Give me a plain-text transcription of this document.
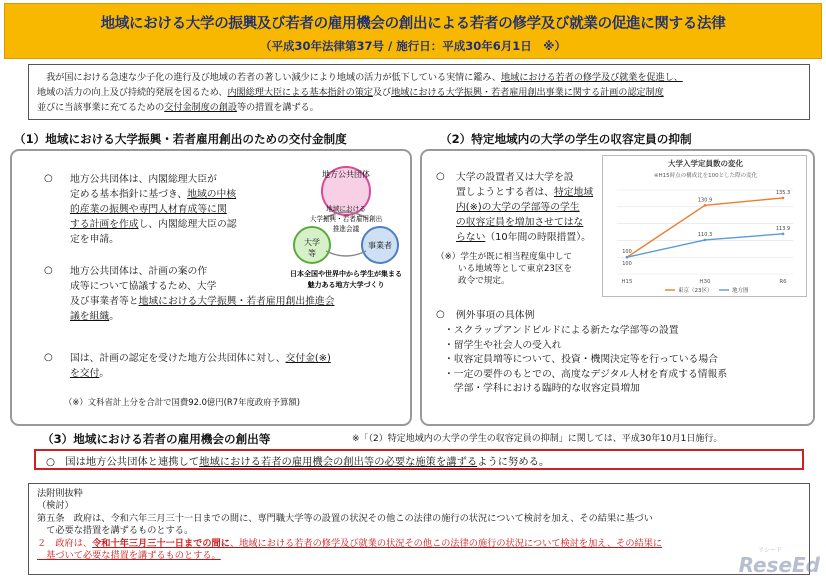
地域における大学の振興及び若者の雇用機会の創出による若者の修学及び就業の促進に関する法律
（平成30年法律第37号 / 施行日：平成30年6月1日　※）
　我が国における急速な少子化の進行及び地域の若者の著しい減少により地域の活力が低下している実情に鑑み、地域における若者の修学及び就業を促進し、
地域の活力の向上及び持続的発展を図るため、内閣総理大臣による基本指針の策定及び地域における大学振興・若者雇用創出事業に関する計画の認定制度
並びに当該事業に充てるための交付金制度の創設等の措置を講ずる。
（1）地域における大学振興・若者雇用創出のための交付金制度	（2）特定地域内の大学の学生の収容定員の抑制
○ 地方公共団体は、内閣総理大臣が
定める基本指針に基づき、地域の中核
的産業の振興や専門人材育成等に関
する計画を作成し、内閣総理大臣の認
定を申請。
○ 地方公共団体は、計画の案の作
成等について協議するため、大学
及び事業者等と地域における大学振興・若者雇用創出推進会
議を組織。
○ 国は、計画の認定を受けた地方公共団体に対し、交付金(※)
を交付。
（※）文科省計上分を合計で国費92.0億円(R7年度政府予算額)
地方公共団体
地域における
大学振興・若者雇用創出
推進会議
大学
等
事業者
日本全国や世界中から学生が集まる
魅力ある地方大学づくり
○ 大学の設置者又は大学を設
置しようとする者は、特定地域
内(※)の大学の学部等の学生
の収容定員を増加させてはな
らない（10年間の時限措置）。
（※）学生が既に相当程度集中して
いる地域等として東京23区を
政令で規定。
○ 例外事項の具体例
・スクラップアンドビルドによる新たな学部等の設置
・留学生や社会人の受入れ
・収容定員増等について、投資・機関決定等を行っている場合
・一定の要件のもとでの、高度なデジタル人材を育成する情報系
　学部・学科における臨時的な収容定員増加
大学入学定員数の変化
※H15時点の構成比を100とした際の変化
H15	H30	R6
100
130.9
135.3
100
110.3
113.9
東京（23区）	地方圏
（3）地域における若者の雇用機会の創出等	※「（2）特定地域内の大学の学生の収容定員の抑制」に関しては、平成30年10月1日施行。
○　 国は地方公共団体と連携して地域における若者の雇用機会の創出等の必要な施策を講ずるように努める。
法附則抜粋
（検討）
第五条　政府は、令和六年三月三十一日までの間に、専門職大学等の設置の状況その他この法律の施行の状況について検討を加え、その結果に基づい
　て必要な措置を講ずるものとする。
２　政府は、令和十年三月三十一日までの間に、地域における若者の修学及び就業の状況その他この法律の施行の状況について検討を加え、その結果に
　基づいて必要な措置を講ずるものとする。	リシード
ReseEd
